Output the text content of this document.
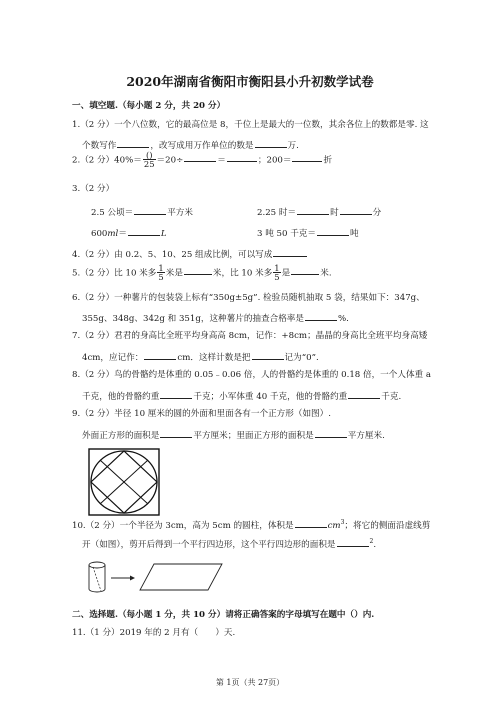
2020年湖南省衡阳市衡阳县小升初数学试卷
一、填空题.（每小题 2 分，共 20 分）
1.（2 分）一个八位数，它的最高位是 8，千位上是最大的一位数，其余各位上的数都是零. 这
个数写作	，改写成用万作单位的数是	万.
2.（2 分）$40\%= \frac{()}{25} =20\div$	＝	；200＝	折
3.（2 分）
2.5 公顷＝	平方米	2.25 时＝	时	分
600ml＝	L	3 吨 50 千克＝	吨
4.（2 分）由 0.2、5、10、25 组成比例，可以写成
5.（2 分）比 10 米多 $\frac{1}{5}$ 米是	米，比 10 米多 $\frac{1}{5}$ 是	米.
6.（2 分）一种薯片的包装袋上标有“350g±5g”. 检验员随机抽取 5 袋，结果如下：347g、
355g、348g、342g 和 351g，这种薯片的抽查合格率是	%.
7.（2 分）君君的身高比全班平均身高高 8cm，记作：+8cm；晶晶的身高比全班平均身高矮
4cm，应记作：	cm．这样计数是把	记为“0”.
8.（2 分）鸟的骨骼约是体重的 0.05﹣0.06 倍，人的骨骼约是体重的 0.18 倍，一个人体重 a
千克，他的骨骼约重	千克；小军体重 40 千克，他的骨骼约重	千克.
9.（2 分）半径 10 厘米的圆的外面和里面各有一个正方形（如图）.
外面正方形的面积是	平方厘米；里面正方形的面积是	平方厘米.
10.（2 分）一个半径为 3cm，高为 5cm 的圆柱，体积是	$cm^3$；将它的侧面沿虚线剪
开（如图），剪开后得到一个平行四边形，这个平行四边形的面积是	$^2$.
二、选择题.（每小题 1 分，共 10 分）请将正确答案的字母填写在题中（）内.
11.（1 分）2019 年的 2 月有（　　）天.
第 1页（共 27页）
